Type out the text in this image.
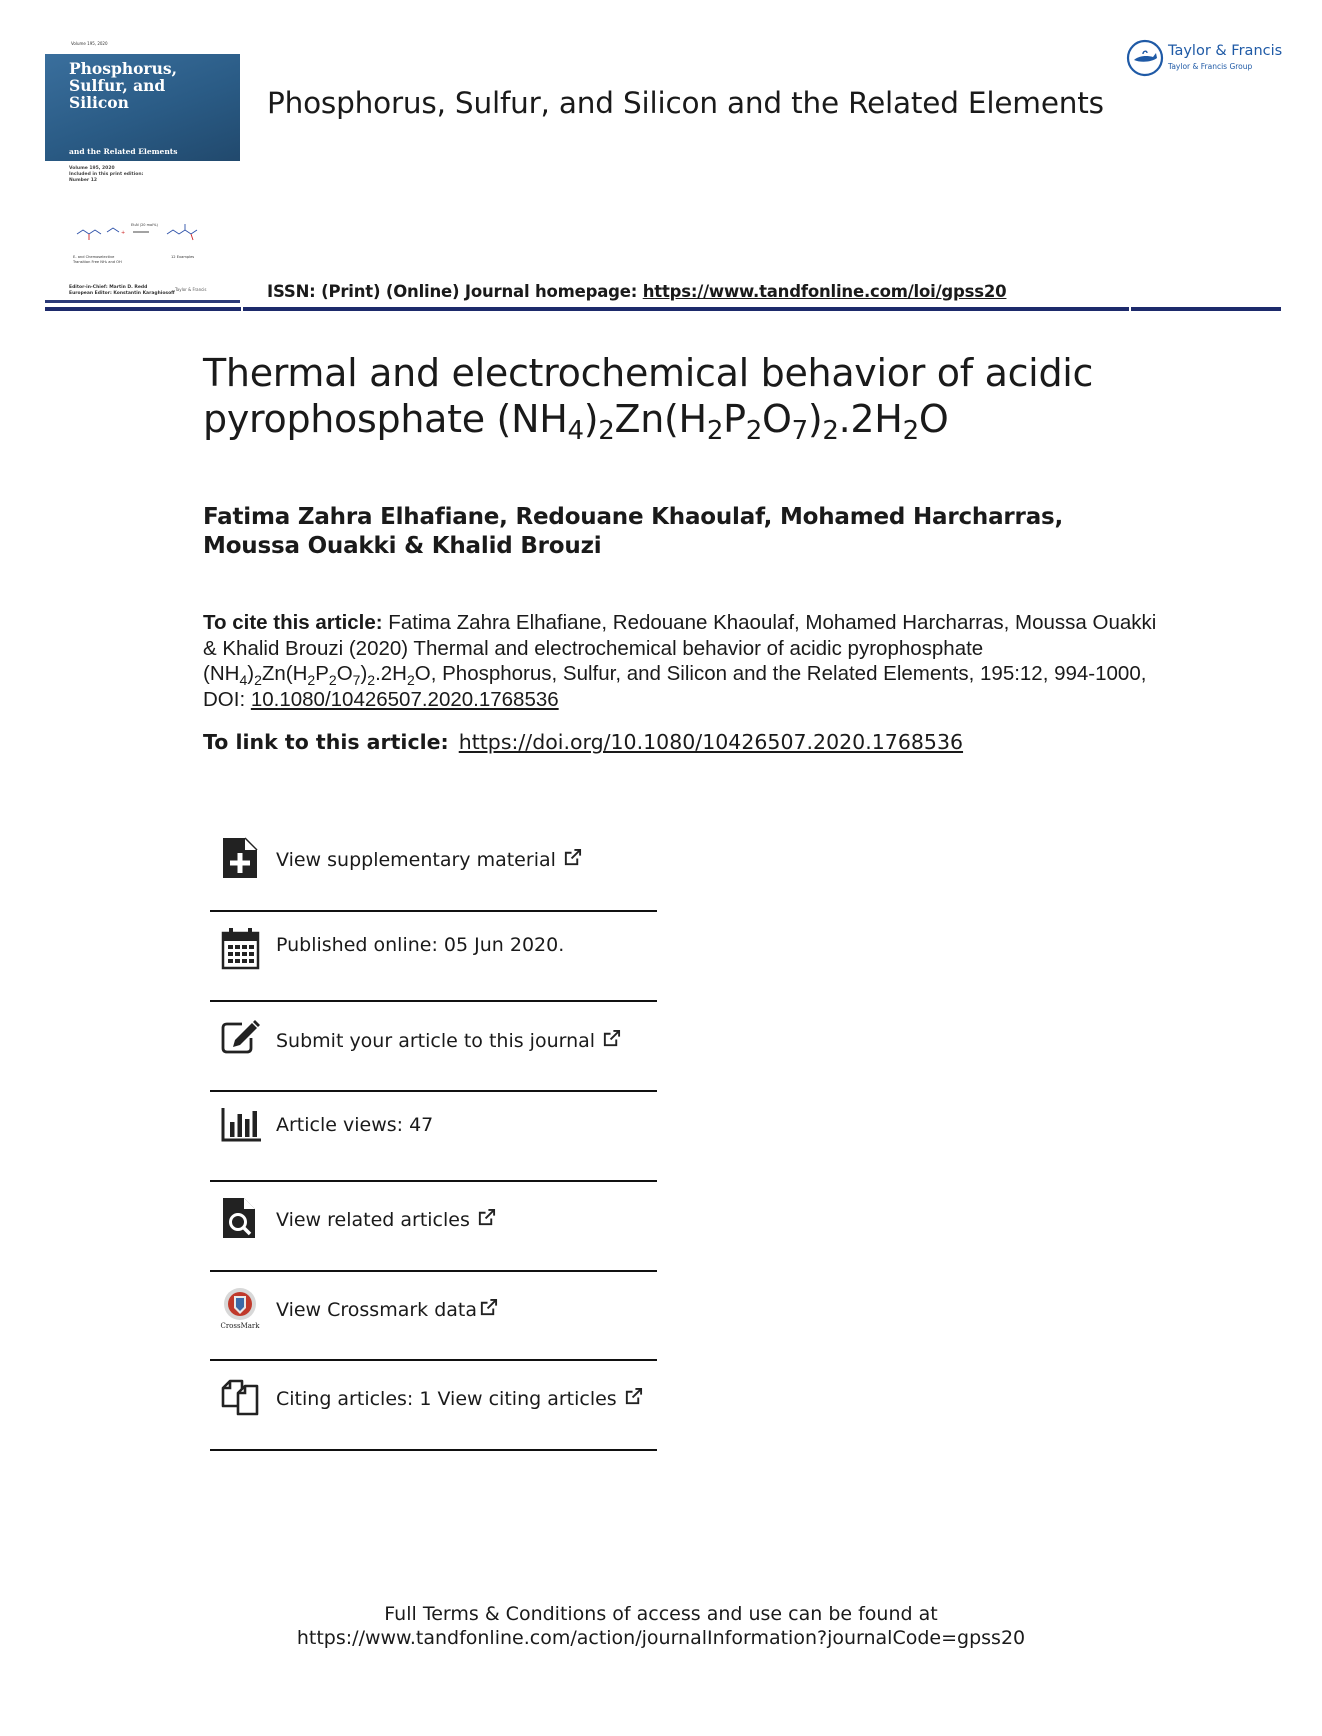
Volume 195, 2020
Phosphorus,
Sulfur, and
Silicon
and the Related Elements
Volume 195, 2020
Included in this print edition:
Number 12
+
Et₃N (20 mol%)
E- and Chemoselective
Transition Free NH₃ and OH
12 Examples
Editor-in-Chief: Martin D. Redd
European Editor: Konstantin Karaghiosoff
Taylor & Francis
Phosphorus, Sulfur, and Silicon and the Related Elements
ISSN: (Print) (Online) Journal homepage: https://www.tandfonline.com/loi/gpss20
Taylor & Francis
Taylor & Francis Group
Thermal and electrochemical behavior of acidic
pyrophosphate $(NH_4)_2Zn(H_2P_2O_7)_2.2H_2O$
Fatima Zahra Elhafiane, Redouane Khaoulaf, Mohamed Harcharras, Moussa Ouakki & Khalid Brouzi
To cite this article: Fatima Zahra Elhafiane, Redouane Khaoulaf, Mohamed Harcharras, Moussa Ouakki & Khalid Brouzi (2020) Thermal and electrochemical behavior of acidic pyrophosphate $(NH_4)_2Zn(H_2P_2O_7)_2.2H_2O$, Phosphorus, Sulfur, and Silicon and the Related Elements, 195:12, 994-1000, DOI: 10.1080/10426507.2020.1768536
To link to this article: https://doi.org/10.1080/10426507.2020.1768536
View supplementary material
Published online: 05 Jun 2020.
Submit your article to this journal
Article views: 47
View related articles
CrossMark
View Crossmark data
Citing articles: 1 View citing articles
Full Terms & Conditions of access and use can be found at
https://www.tandfonline.com/action/journalInformation?journalCode=gpss20
